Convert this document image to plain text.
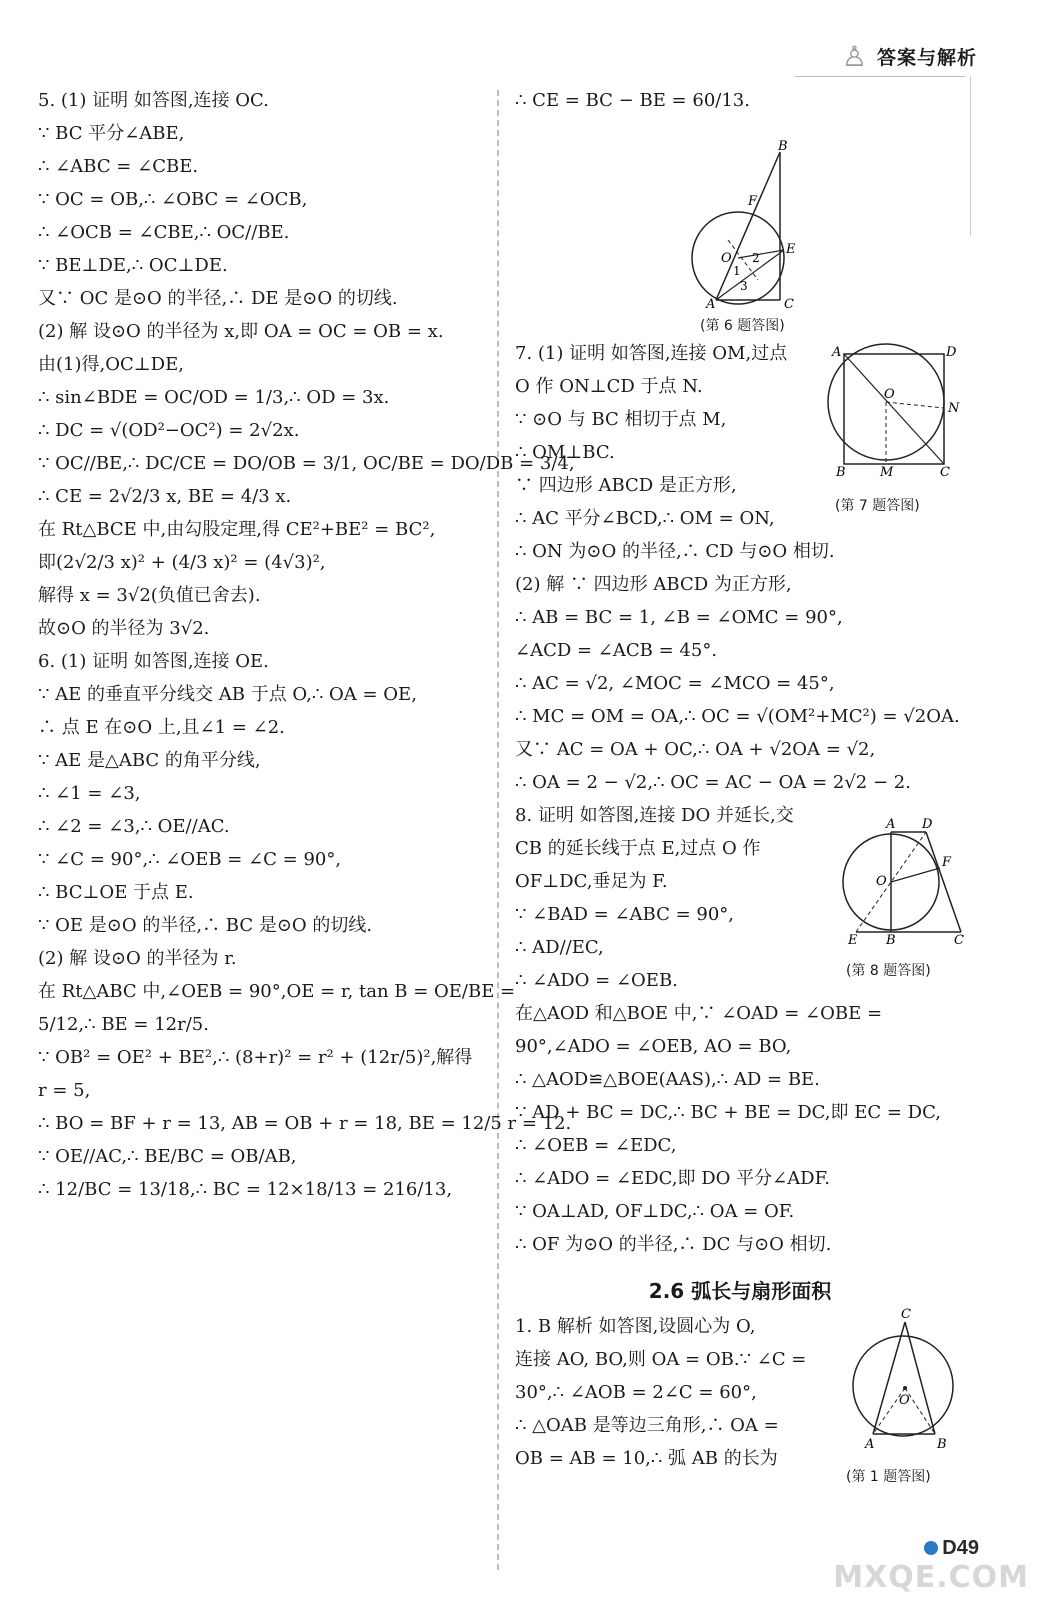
♙ 答案与解析
5. (1) 证明 如答图,连接 OC.
∵ BC 平分∠ABE,
∴ ∠ABC = ∠CBE.
∵ OC = OB,∴ ∠OBC = ∠OCB,
∴ ∠OCB = ∠CBE,∴ OC//BE.
∵ BE⊥DE,∴ OC⊥DE.
又∵ OC 是⊙O 的半径,∴ DE 是⊙O 的切线.
(2) 解 设⊙O 的半径为 x,即 OA = OC = OB = x.
由(1)得,OC⊥DE,
∴ sin∠BDE = OC/OD = 1/3,∴ OD = 3x.
∴ DC = √(OD²−OC²) = 2√2x.
∵ OC//BE,∴ DC/CE = DO/OB = 3/1, OC/BE = DO/DB = 3/4,
∴ CE = 2√2/3 x, BE = 4/3 x.
在 Rt△BCE 中,由勾股定理,得 CE²+BE² = BC²,
即(2√2/3 x)² + (4/3 x)² = (4√3)²,
解得 x = 3√2(负值已舍去).
故⊙O 的半径为 3√2.
6. (1) 证明 如答图,连接 OE.
∵ AE 的垂直平分线交 AB 于点 O,∴ OA = OE,
∴ 点 E 在⊙O 上,且∠1 = ∠2.
∵ AE 是△ABC 的角平分线,
∴ ∠1 = ∠3,
∴ ∠2 = ∠3,∴ OE//AC.
∵ ∠C = 90°,∴ ∠OEB = ∠C = 90°,
∴ BC⊥OE 于点 E.
∵ OE 是⊙O 的半径,∴ BC 是⊙O 的切线.
(2) 解 设⊙O 的半径为 r.
在 Rt△ABC 中,∠OEB = 90°,OE = r, tan B = OE/BE =
5/12,∴ BE = 12r/5.
∵ OB² = OE² + BE²,∴ (8+r)² = r² + (12r/5)²,解得
r = 5,
∴ BO = BF + r = 13, AB = OB + r = 18, BE = 12/5 r = 12.
∵ OE//AC,∴ BE/BC = OB/AB,
∴ 12/BC = 13/18,∴ BC = 12×18/13 = 216/13,
∴ CE = BC − BE = 60/13.
7. (1) 证明 如答图,连接 OM,过点
O 作 ON⊥CD 于点 N.
∵ ⊙O 与 BC 相切于点 M,
∴ OM⊥BC.
∵ 四边形 ABCD 是正方形,
∴ AC 平分∠BCD,∴ OM = ON,
∴ ON 为⊙O 的半径,∴ CD 与⊙O 相切.
(2) 解 ∵ 四边形 ABCD 为正方形,
∴ AB = BC = 1, ∠B = ∠OMC = 90°,
∠ACD = ∠ACB = 45°.
∴ AC = √2, ∠MOC = ∠MCO = 45°,
∴ MC = OM = OA,∴ OC = √(OM²+MC²) = √2OA.
又∵ AC = OA + OC,∴ OA + √2OA = √2,
∴ OA = 2 − √2,∴ OC = AC − OA = 2√2 − 2.
8. 证明 如答图,连接 DO 并延长,交
CB 的延长线于点 E,过点 O 作
OF⊥DC,垂足为 F.
∵ ∠BAD = ∠ABC = 90°,
∴ AD//EC,
∴ ∠ADO = ∠OEB.
在△AOD 和△BOE 中,∵ ∠OAD = ∠OBE =
90°,∠ADO = ∠OEB, AO = BO,
∴ △AOD≌△BOE(AAS),∴ AD = BE.
∵ AD + BC = DC,∴ BC + BE = DC,即 EC = DC,
∴ ∠OEB = ∠EDC,
∴ ∠ADO = ∠EDC,即 DO 平分∠ADF.
∵ OA⊥AD, OF⊥DC,∴ OA = OF.
∴ OF 为⊙O 的半径,∴ DC 与⊙O 相切.
2.6 弧长与扇形面积
1. B 解析 如答图,设圆心为 O,
连接 AO, BO,则 OA = OB.∵ ∠C =
30°,∴ ∠AOB = 2∠C = 60°,
∴ △OAB 是等边三角形,∴ OA =
OB = AB = 10,∴ 弧 AB 的长为
B
F
E
O 2
1
3
A	C
(第 6 题答图)
A	D
O
N
B	M	C
(第 7 题答图)
A D
O
F
E B	C
(第 8 题答图)
C
O
A	B
(第 1 题答图)
D49
MXQE.COM
